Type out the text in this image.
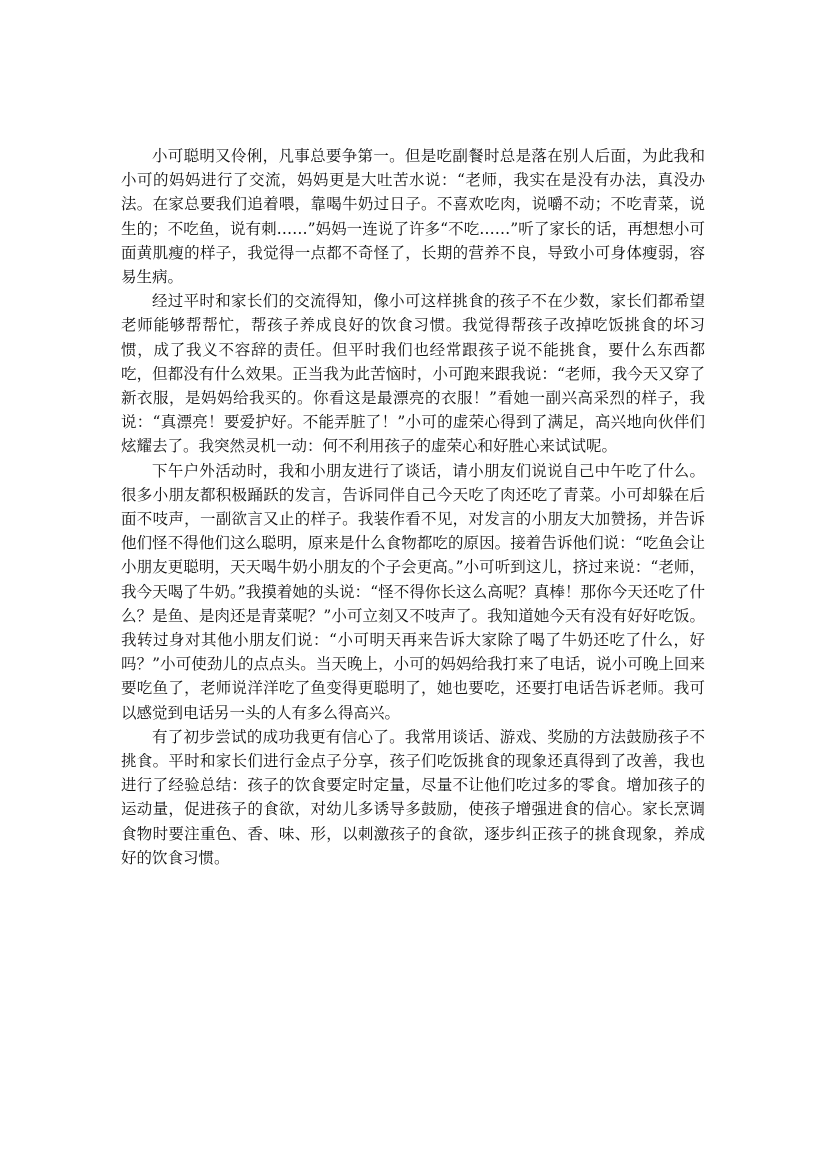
小可聪明又伶俐，凡事总要争第一。但是吃副餐时总是落在别人后面，为此我和小可的妈妈进行了交流，妈妈更是大吐苦水说：“老师，我实在是没有办法，真没办法。在家总要我们追着喂，靠喝牛奶过日子。不喜欢吃肉，说嚼不动；不吃青菜，说生的；不吃鱼，说有刺……”妈妈一连说了许多“不吃……”听了家长的话，再想想小可面黄肌瘦的样子，我觉得一点都不奇怪了，长期的营养不良，导致小可身体瘦弱，容易生病。

经过平时和家长们的交流得知，像小可这样挑食的孩子不在少数，家长们都希望老师能够帮帮忙，帮孩子养成良好的饮食习惯。我觉得帮孩子改掉吃饭挑食的坏习惯，成了我义不容辞的责任。但平时我们也经常跟孩子说不能挑食，要什么东西都吃，但都没有什么效果。正当我为此苦恼时，小可跑来跟我说：“老师，我今天又穿了新衣服，是妈妈给我买的。你看这是最漂亮的衣服！”看她一副兴高采烈的样子，我说：“真漂亮！要爱护好。不能弄脏了！”小可的虚荣心得到了满足，高兴地向伙伴们炫耀去了。我突然灵机一动：何不利用孩子的虚荣心和好胜心来试试呢。

下午户外活动时，我和小朋友进行了谈话，请小朋友们说说自己中午吃了什么。很多小朋友都积极踊跃的发言，告诉同伴自己今天吃了肉还吃了青菜。小可却躲在后面不吱声，一副欲言又止的样子。我装作看不见，对发言的小朋友大加赞扬，并告诉他们怪不得他们这么聪明，原来是什么食物都吃的原因。接着告诉他们说：“吃鱼会让小朋友更聪明，天天喝牛奶小朋友的个子会更高。”小可听到这儿，挤过来说：“老师，我今天喝了牛奶。”我摸着她的头说：“怪不得你长这么高呢？真棒！那你今天还吃了什么？是鱼、是肉还是青菜呢？”小可立刻又不吱声了。我知道她今天有没有好好吃饭。我转过身对其他小朋友们说：“小可明天再来告诉大家除了喝了牛奶还吃了什么，好吗？”小可使劲儿的点点头。当天晚上，小可的妈妈给我打来了电话，说小可晚上回来要吃鱼了，老师说洋洋吃了鱼变得更聪明了，她也要吃，还要打电话告诉老师。我可以感觉到电话另一头的人有多么得高兴。

有了初步尝试的成功我更有信心了。我常用谈话、游戏、奖励的方法鼓励孩子不挑食。平时和家长们进行金点子分享，孩子们吃饭挑食的现象还真得到了改善，我也进行了经验总结：孩子的饮食要定时定量，尽量不让他们吃过多的零食。增加孩子的运动量，促进孩子的食欲，对幼儿多诱导多鼓励，使孩子增强进食的信心。家长烹调食物时要注重色、香、味、形，以刺激孩子的食欲，逐步纠正孩子的挑食现象，养成好的饮食习惯。
